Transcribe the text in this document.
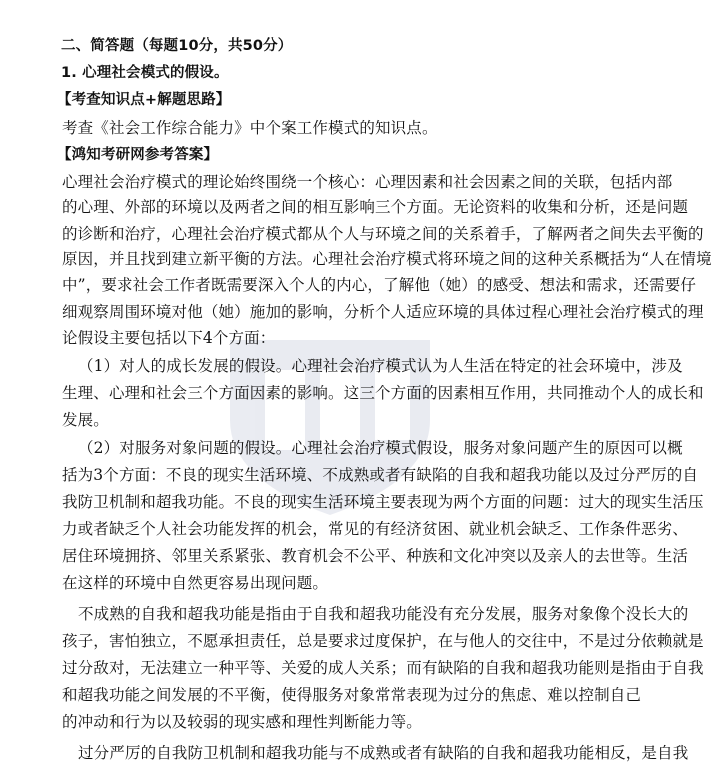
二、简答题（每题10分，共50分）
1. 心理社会模式的假设。
【考查知识点+解题思路】
考查《社会工作综合能力》中个案工作模式的知识点。
【鸿知考研网参考答案】
心理社会治疗模式的理论始终围绕一个核心：心理因素和社会因素之间的关联，包括内部
的心理、外部的环境以及两者之间的相互影响三个方面。无论资料的收集和分析，还是问题
的诊断和治疗，心理社会治疗模式都从个人与环境之间的关系着手，了解两者之间失去平衡的
原因，并且找到建立新平衡的方法。心理社会治疗模式将环境之间的这种关系概括为“人在情境
中”，要求社会工作者既需要深入个人的内心，了解他（她）的感受、想法和需求，还需要仔
细观察周围环境对他（她）施加的影响，分析个人适应环境的具体过程心理社会治疗模式的理
论假设主要包括以下4个方面：
（1）对人的成长发展的假设。心理社会治疗模式认为人生活在特定的社会环境中，涉及
生理、心理和社会三个方面因素的影响。这三个方面的因素相互作用，共同推动个人的成长和
发展。
（2）对服务对象问题的假设。心理社会治疗模式假设，服务对象问题产生的原因可以概
括为3个方面：不良的现实生活环境、不成熟或者有缺陷的自我和超我功能以及过分严厉的自
我防卫机制和超我功能。不良的现实生活环境主要表现为两个方面的问题：过大的现实生活压
力或者缺乏个人社会功能发挥的机会，常见的有经济贫困、就业机会缺乏、工作条件恶劣、
居住环境拥挤、邻里关系紧张、教育机会不公平、种族和文化冲突以及亲人的去世等。生活
在这样的环境中自然更容易出现问题。
不成熟的自我和超我功能是指由于自我和超我功能没有充分发展，服务对象像个没长大的
孩子，害怕独立，不愿承担责任，总是要求过度保护，在与他人的交往中，不是过分依赖就是
过分敌对，无法建立一种平等、关爱的成人关系；而有缺陷的自我和超我功能则是指由于自我
和超我功能之间发展的不平衡，使得服务对象常常表现为过分的焦虑、难以控制自己
的冲动和行为以及较弱的现实感和理性判断能力等。
过分严厉的自我防卫机制和超我功能与不成熟或者有缺陷的自我和超我功能相反，是自我
